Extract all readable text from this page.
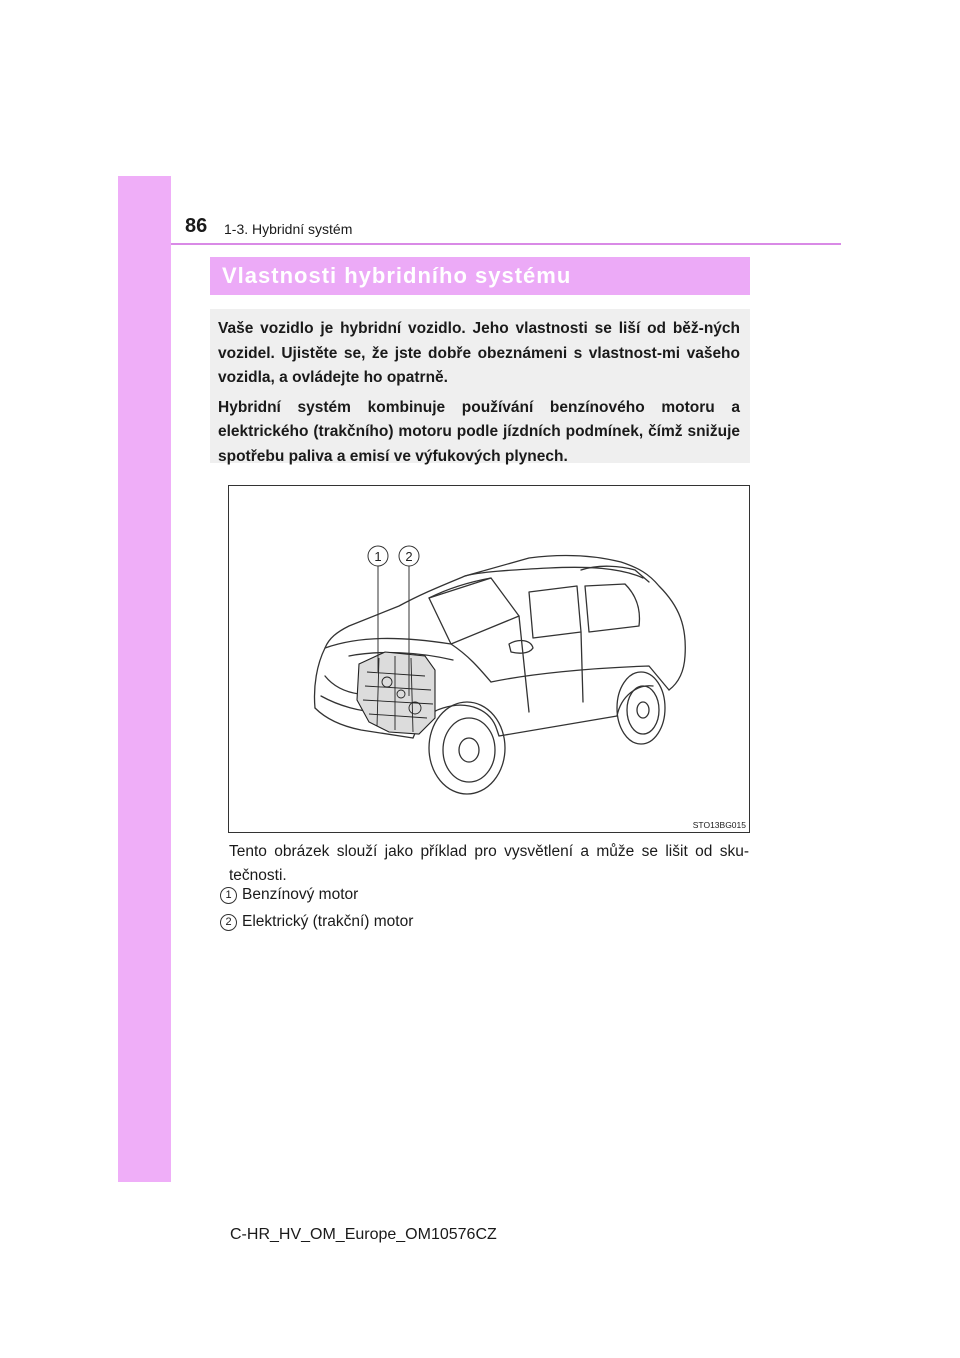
86 1-3. Hybridní systém
Vlastnosti hybridního systému

Vaše vozidlo je hybridní vozidlo. Jeho vlastnosti se liší od běž-ných vozidel. Ujistěte se, že jste dobře obeznámeni s vlastnost-mi vašeho vozidla, a ovládejte ho opatrně.

Hybridní systém kombinuje používání benzínového motoru a elektrického (trakčního) motoru podle jízdních podmínek, čímž snižuje spotřebu paliva a emisí ve výfukových plynech.

1 2
STO13BG015
Tento obrázek slouží jako příklad pro vysvětlení a může se lišit od sku-tečnosti.
1 Benzínový motor
2 Elektrický (trakční) motor
C-HR_HV_OM_Europe_OM10576CZ
